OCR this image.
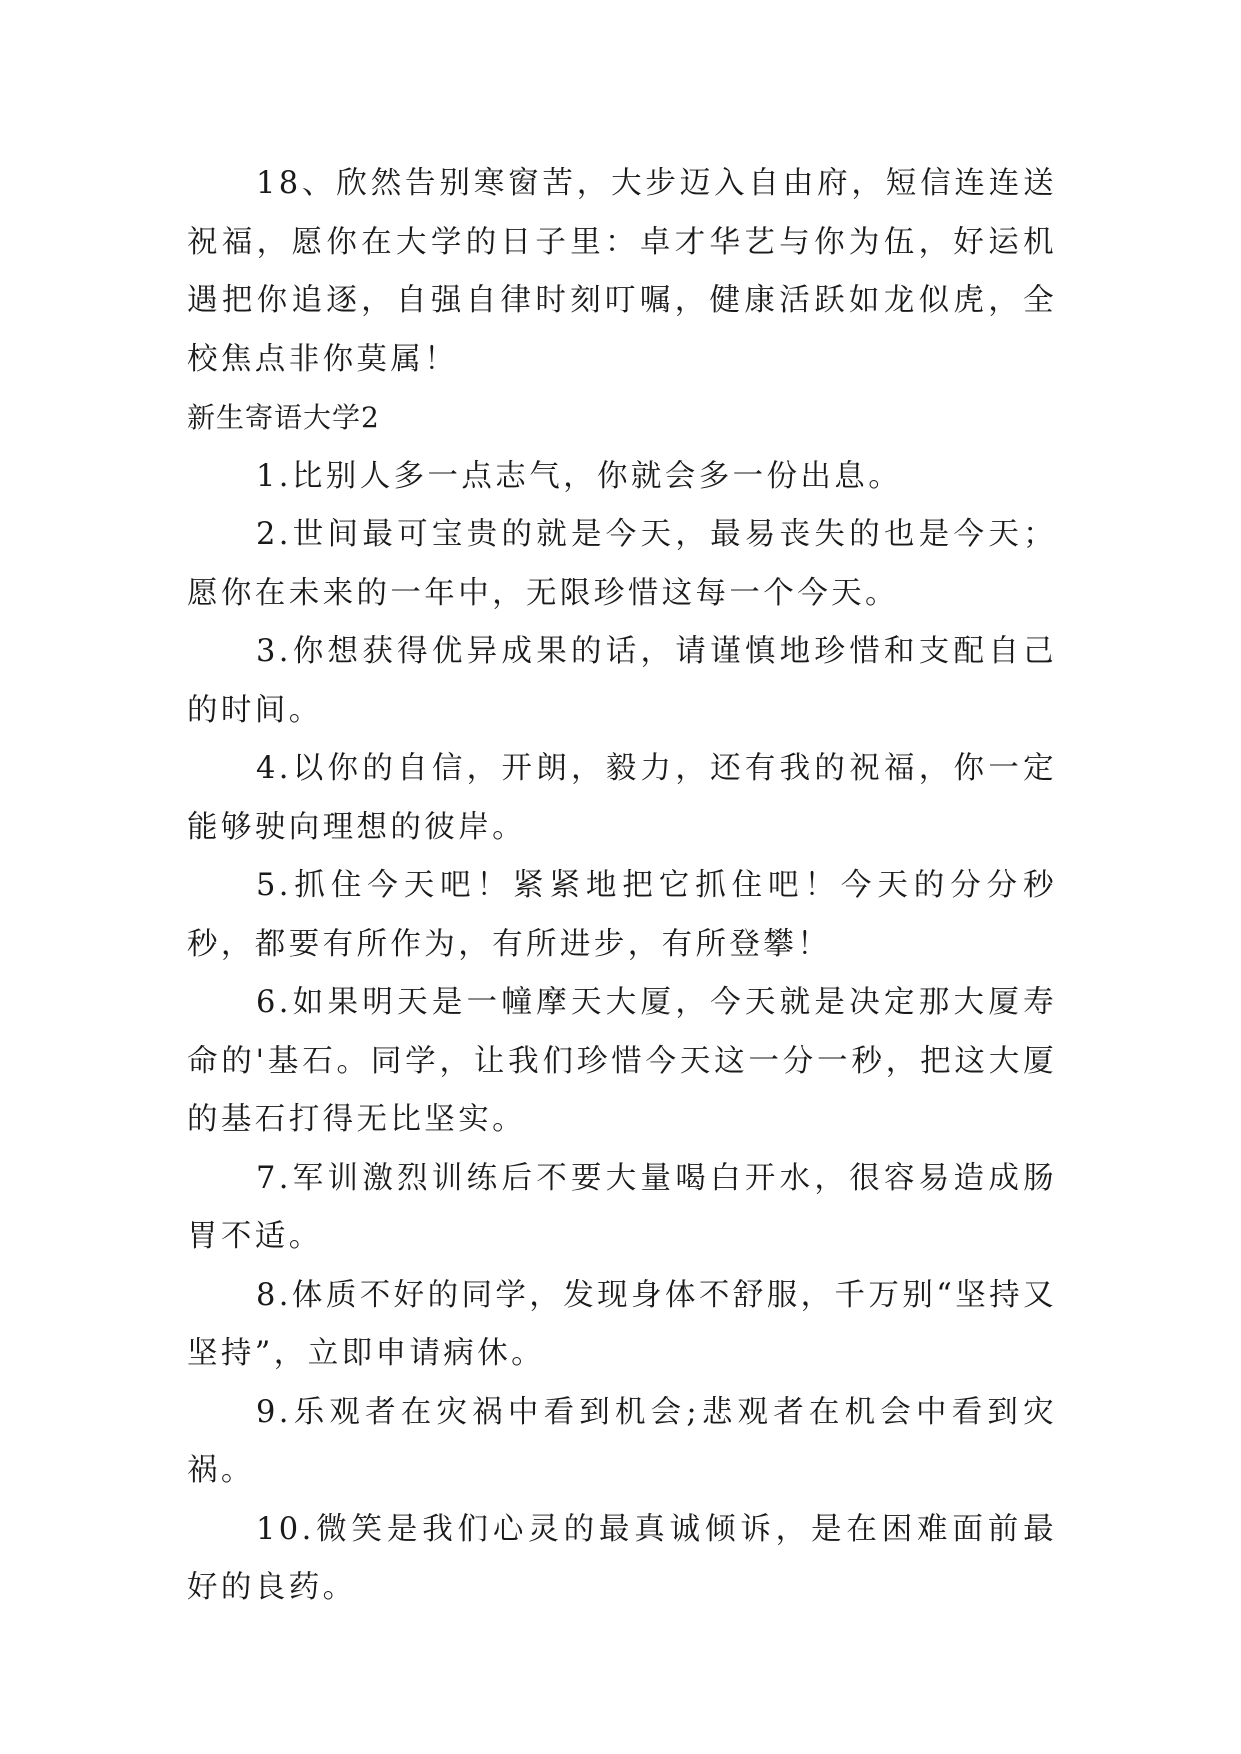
18、欣然告别寒窗苦，大步迈入自由府，短信连连送祝福，愿你在大学的日子里：卓才华艺与你为伍，好运机遇把你追逐，自强自律时刻叮嘱，健康活跃如龙似虎，全校焦点非你莫属！

新生寄语大学2

1.比别人多一点志气，你就会多一份出息。

2.世间最可宝贵的就是今天，最易丧失的也是今天；愿你在未来的一年中，无限珍惜这每一个今天。

3.你想获得优异成果的话，请谨慎地珍惜和支配自己的时间。

4.以你的自信，开朗，毅力，还有我的祝福，你一定能够驶向理想的彼岸。

5.抓住今天吧！紧紧地把它抓住吧！今天的分分秒秒，都要有所作为，有所进步，有所登攀！

6.如果明天是一幢摩天大厦，今天就是决定那大厦寿命的'基石。同学，让我们珍惜今天这一分一秒，把这大厦的基石打得无比坚实。

7.军训激烈训练后不要大量喝白开水，很容易造成肠胃不适。

8.体质不好的同学，发现身体不舒服，千万别“坚持又坚持”，立即申请病休。

9.乐观者在灾祸中看到机会;悲观者在机会中看到灾祸。

10.微笑是我们心灵的最真诚倾诉，是在困难面前最好的良药。
